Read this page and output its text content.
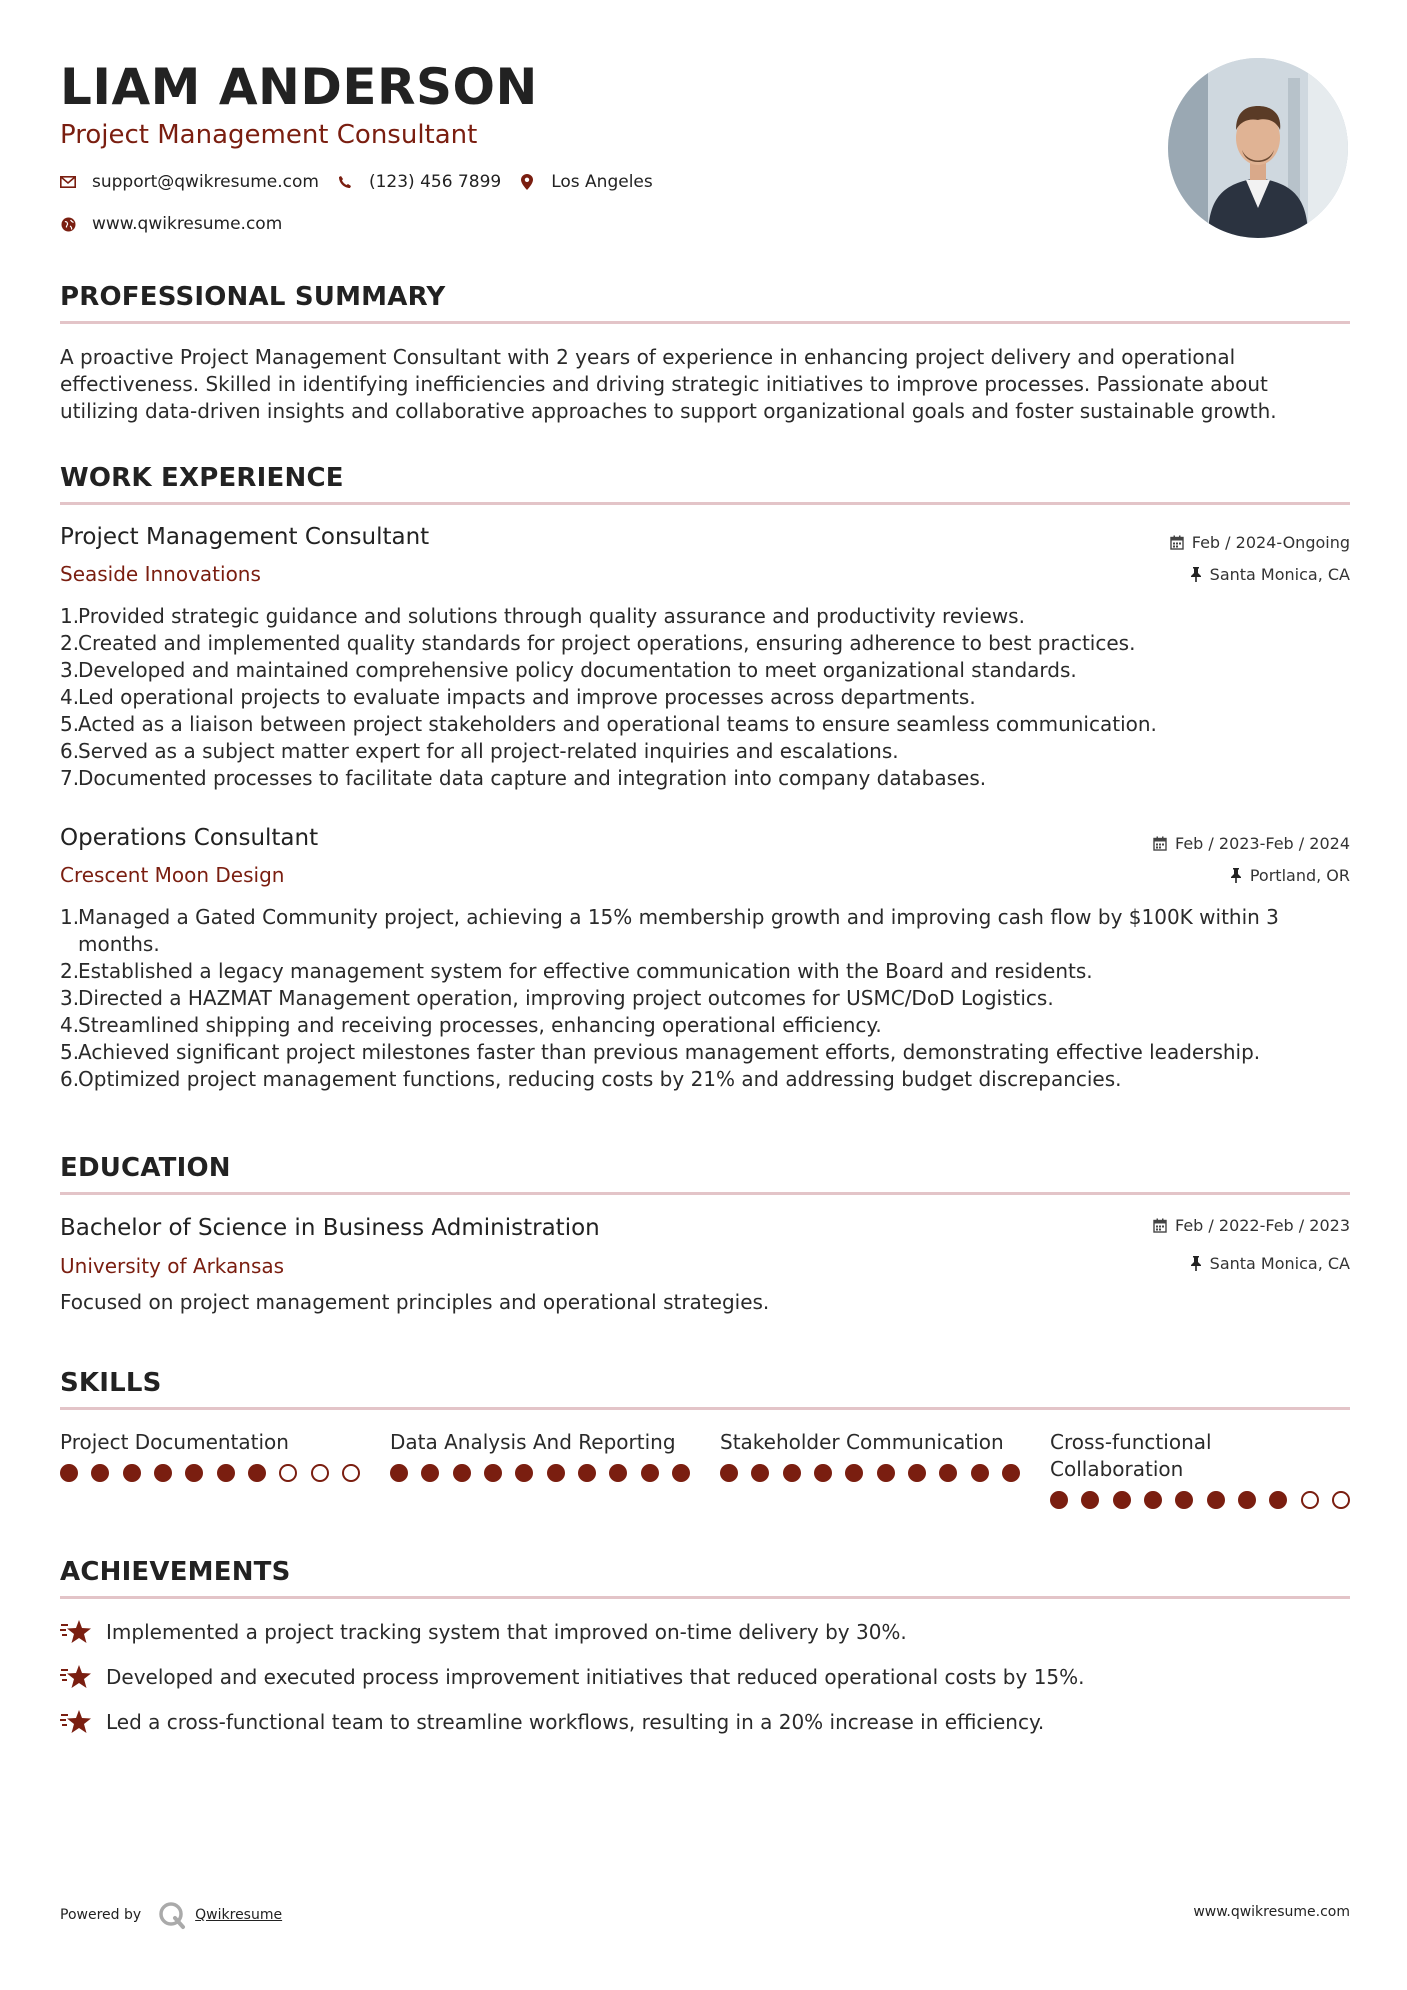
LIAM ANDERSON
Project Management Consultant
support@qwikresume.com	(123) 456 7899	Los Angeles
www.qwikresume.com
PROFESSIONAL SUMMARY
A proactive Project Management Consultant with 2 years of experience in enhancing project delivery and operational effectiveness. Skilled in identifying inefficiencies and driving strategic initiatives to improve processes. Passionate about utilizing data-driven insights and collaborative approaches to support organizational goals and foster sustainable growth.
WORK EXPERIENCE
Project Management Consultant	Feb / 2024-Ongoing
Seaside Innovations	Santa Monica, CA
1.
Provided strategic guidance and solutions through quality assurance and productivity reviews.
2.
Created and implemented quality standards for project operations, ensuring adherence to best practices.
3.
Developed and maintained comprehensive policy documentation to meet organizational standards.
4.
Led operational projects to evaluate impacts and improve processes across departments.
5.
Acted as a liaison between project stakeholders and operational teams to ensure seamless communication.
6.
Served as a subject matter expert for all project-related inquiries and escalations.
7.
Documented processes to facilitate data capture and integration into company databases.
Operations Consultant	Feb / 2023-Feb / 2024
Crescent Moon Design	Portland, OR
1.
Managed a Gated Community project, achieving a 15% membership growth and improving cash flow by $100K within 3 months.
2.
Established a legacy management system for effective communication with the Board and residents.
3.
Directed a HAZMAT Management operation, improving project outcomes for USMC/DoD Logistics.
4.
Streamlined shipping and receiving processes, enhancing operational efficiency.
5.
Achieved significant project milestones faster than previous management efforts, demonstrating effective leadership.
6.
Optimized project management functions, reducing costs by 21% and addressing budget discrepancies.
EDUCATION
Bachelor of Science in Business Administration	Feb / 2022-Feb / 2023
University of Arkansas	Santa Monica, CA
Focused on project management principles and operational strategies.
SKILLS
Project Documentation	Data Analysis And Reporting	Stakeholder Communication	Cross-functional Collaboration
ACHIEVEMENTS
Implemented a project tracking system that improved on-time delivery by 30%.
Developed and executed process improvement initiatives that reduced operational costs by 15%.
Led a cross-functional team to streamline workflows, resulting in a 20% increase in efficiency.
Powered by	Qwikresume	www.qwikresume.com
